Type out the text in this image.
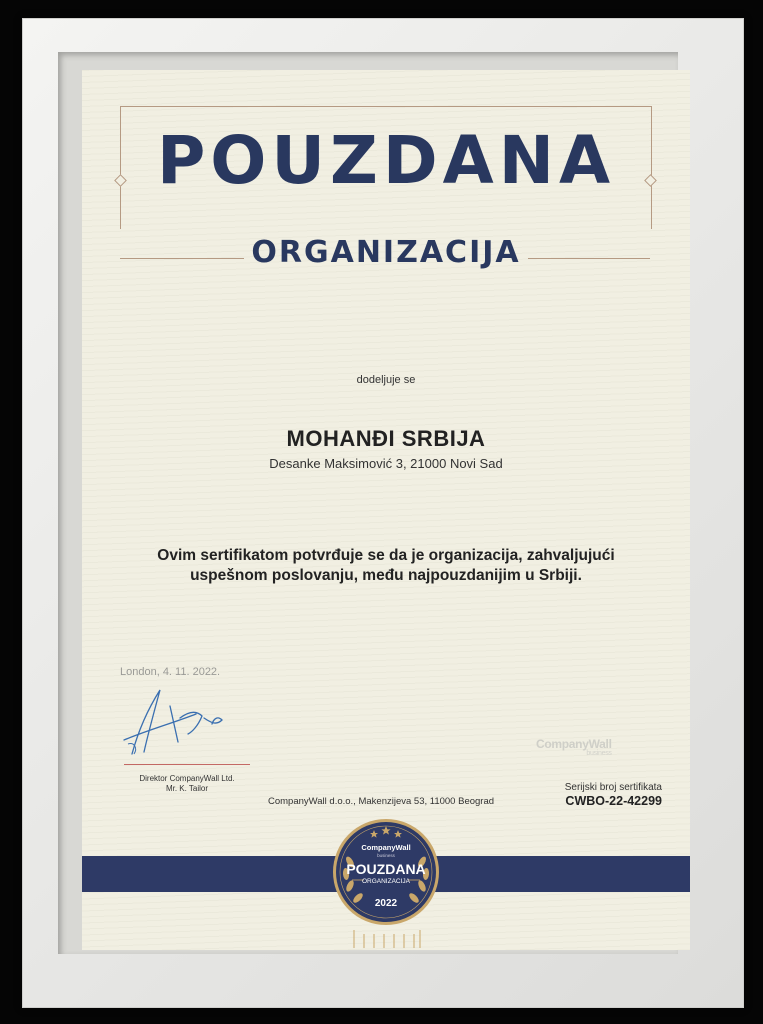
POUZDANA
ORGANIZACIJA
dodeljuje se
MOHANĐI SRBIJA
Desanke Maksimović 3, 21000 Novi Sad
Ovim sertifikatom potvrđuje se da je organizacija, zahvaljujući
uspešnom poslovanju, među najpouzdanijim u Srbiji.
London, 4. 11. 2022.
Direktor CompanyWall Ltd.
Mr. K. Tailor
CompanyWall
business
CompanyWall d.o.o., Makenzijeva 53, 11000 Beograd
Serijski broj sertifikata
CWBO-22-42299
CompanyWall
business
POUZDANA
ORGANIZACIJA
2022
